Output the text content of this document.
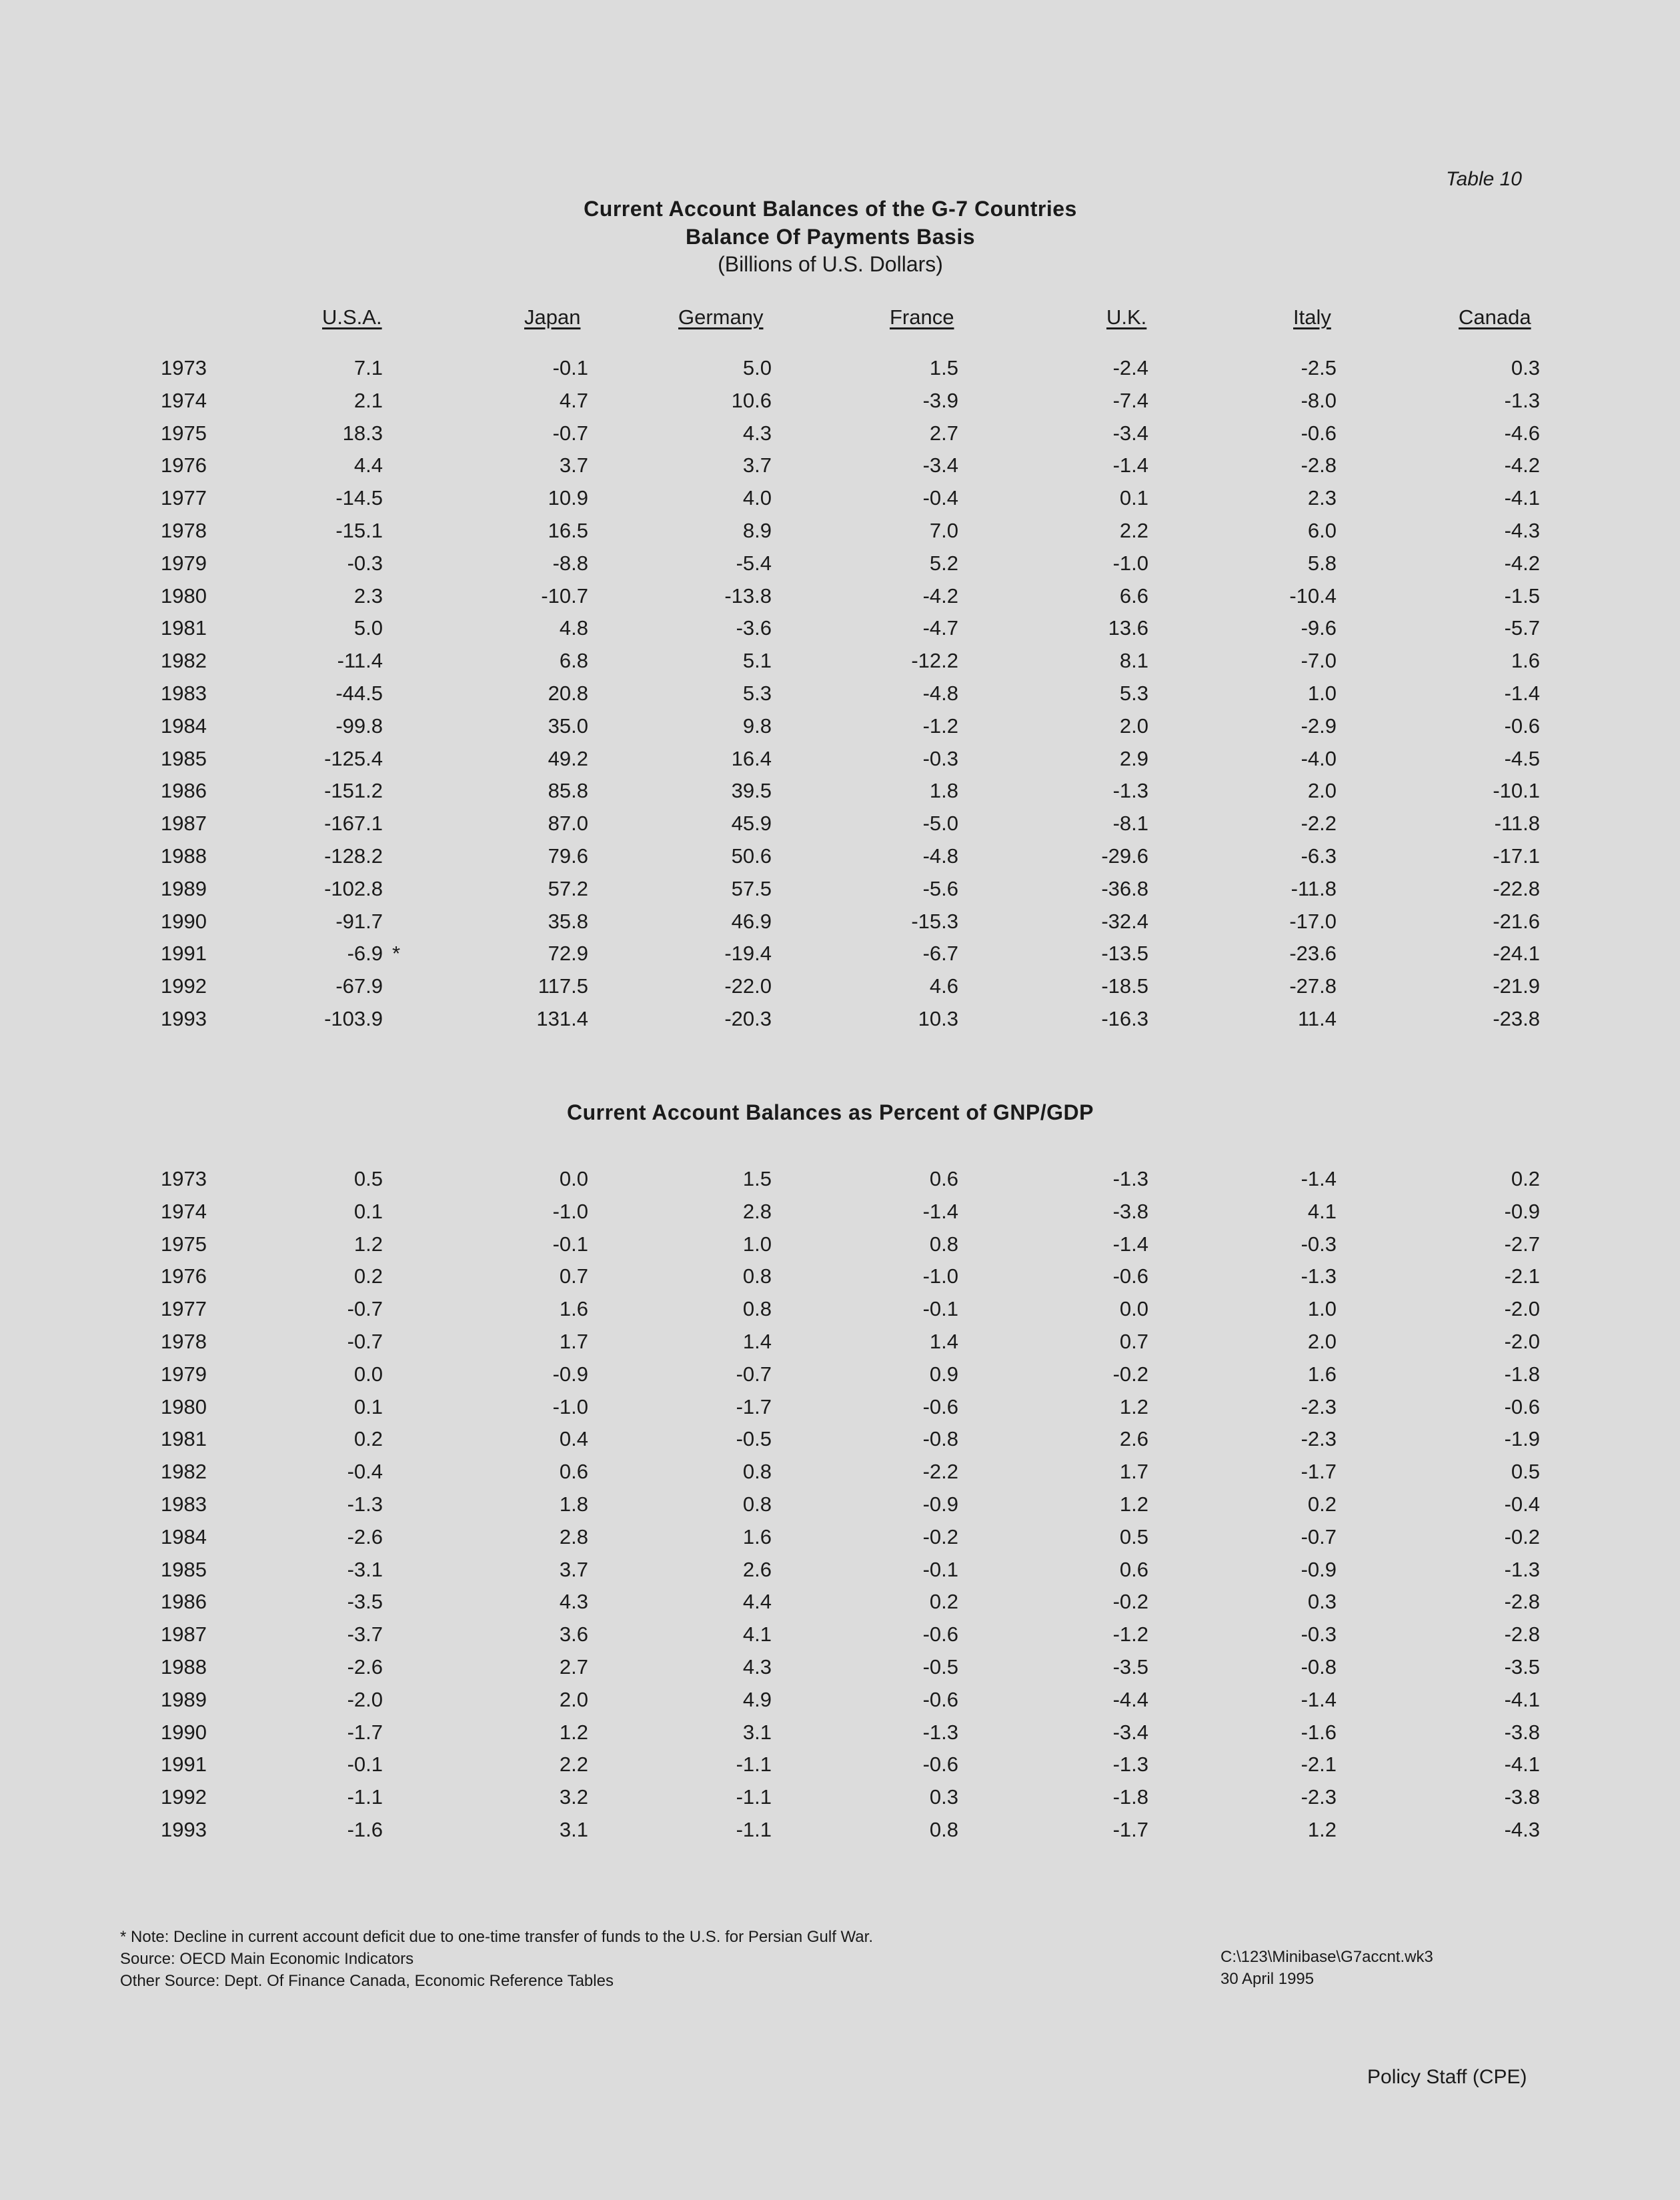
Table 10
Current Account Balances of the G-7 Countries
Balance Of Payments Basis
(Billions of U.S. Dollars)
U.S.A.	Japan	Germany	France	U.K.	Italy	Canada
1973	7.1	-0.1	5.0	1.5	-2.4	-2.5	0.3
1974	2.1	4.7	10.6	-3.9	-7.4	-8.0	-1.3
1975	18.3	-0.7	4.3	2.7	-3.4	-0.6	-4.6
1976	4.4	3.7	3.7	-3.4	-1.4	-2.8	-4.2
1977	-14.5	10.9	4.0	-0.4	0.1	2.3	-4.1
1978	-15.1	16.5	8.9	7.0	2.2	6.0	-4.3
1979	-0.3	-8.8	-5.4	5.2	-1.0	5.8	-4.2
1980	2.3	-10.7	-13.8	-4.2	6.6	-10.4	-1.5
1981	5.0	4.8	-3.6	-4.7	13.6	-9.6	-5.7
1982	-11.4	6.8	5.1	-12.2	8.1	-7.0	1.6
1983	-44.5	20.8	5.3	-4.8	5.3	1.0	-1.4
1984	-99.8	35.0	9.8	-1.2	2.0	-2.9	-0.6
1985	-125.4	49.2	16.4	-0.3	2.9	-4.0	-4.5
1986	-151.2	85.8	39.5	1.8	-1.3	2.0	-10.1
1987	-167.1	87.0	45.9	-5.0	-8.1	-2.2	-11.8
1988	-128.2	79.6	50.6	-4.8	-29.6	-6.3	-17.1
1989	-102.8	57.2	57.5	-5.6	-36.8	-11.8	-22.8
1990	-91.7	35.8	46.9	-15.3	-32.4	-17.0	-21.6
1991	-6.9	72.9	-19.4	-6.7	-13.5	-23.6	-24.1
*
1992	-67.9	117.5	-22.0	4.6	-18.5	-27.8	-21.9
1993	-103.9	131.4	-20.3	10.3	-16.3	11.4	-23.8
Current Account Balances as Percent of GNP/GDP
1973	0.5	0.0	1.5	0.6	-1.3	-1.4	0.2
1974	0.1	-1.0	2.8	-1.4	-3.8	4.1	-0.9
1975	1.2	-0.1	1.0	0.8	-1.4	-0.3	-2.7
1976	0.2	0.7	0.8	-1.0	-0.6	-1.3	-2.1
1977	-0.7	1.6	0.8	-0.1	0.0	1.0	-2.0
1978	-0.7	1.7	1.4	1.4	0.7	2.0	-2.0
1979	0.0	-0.9	-0.7	0.9	-0.2	1.6	-1.8
1980	0.1	-1.0	-1.7	-0.6	1.2	-2.3	-0.6
1981	0.2	0.4	-0.5	-0.8	2.6	-2.3	-1.9
1982	-0.4	0.6	0.8	-2.2	1.7	-1.7	0.5
1983	-1.3	1.8	0.8	-0.9	1.2	0.2	-0.4
1984	-2.6	2.8	1.6	-0.2	0.5	-0.7	-0.2
1985	-3.1	3.7	2.6	-0.1	0.6	-0.9	-1.3
1986	-3.5	4.3	4.4	0.2	-0.2	0.3	-2.8
1987	-3.7	3.6	4.1	-0.6	-1.2	-0.3	-2.8
1988	-2.6	2.7	4.3	-0.5	-3.5	-0.8	-3.5
1989	-2.0	2.0	4.9	-0.6	-4.4	-1.4	-4.1
1990	-1.7	1.2	3.1	-1.3	-3.4	-1.6	-3.8
1991	-0.1	2.2	-1.1	-0.6	-1.3	-2.1	-4.1
1992	-1.1	3.2	-1.1	0.3	-1.8	-2.3	-3.8
1993	-1.6	3.1	-1.1	0.8	-1.7	1.2	-4.3
* Note: Decline in current account deficit due to one-time transfer of funds to the U.S. for Persian Gulf War.
Source: OECD Main Economic Indicators
Other Source: Dept. Of Finance Canada, Economic Reference Tables
C:\123\Minibase\G7accnt.wk3
30 April 1995
Policy Staff (CPE)
